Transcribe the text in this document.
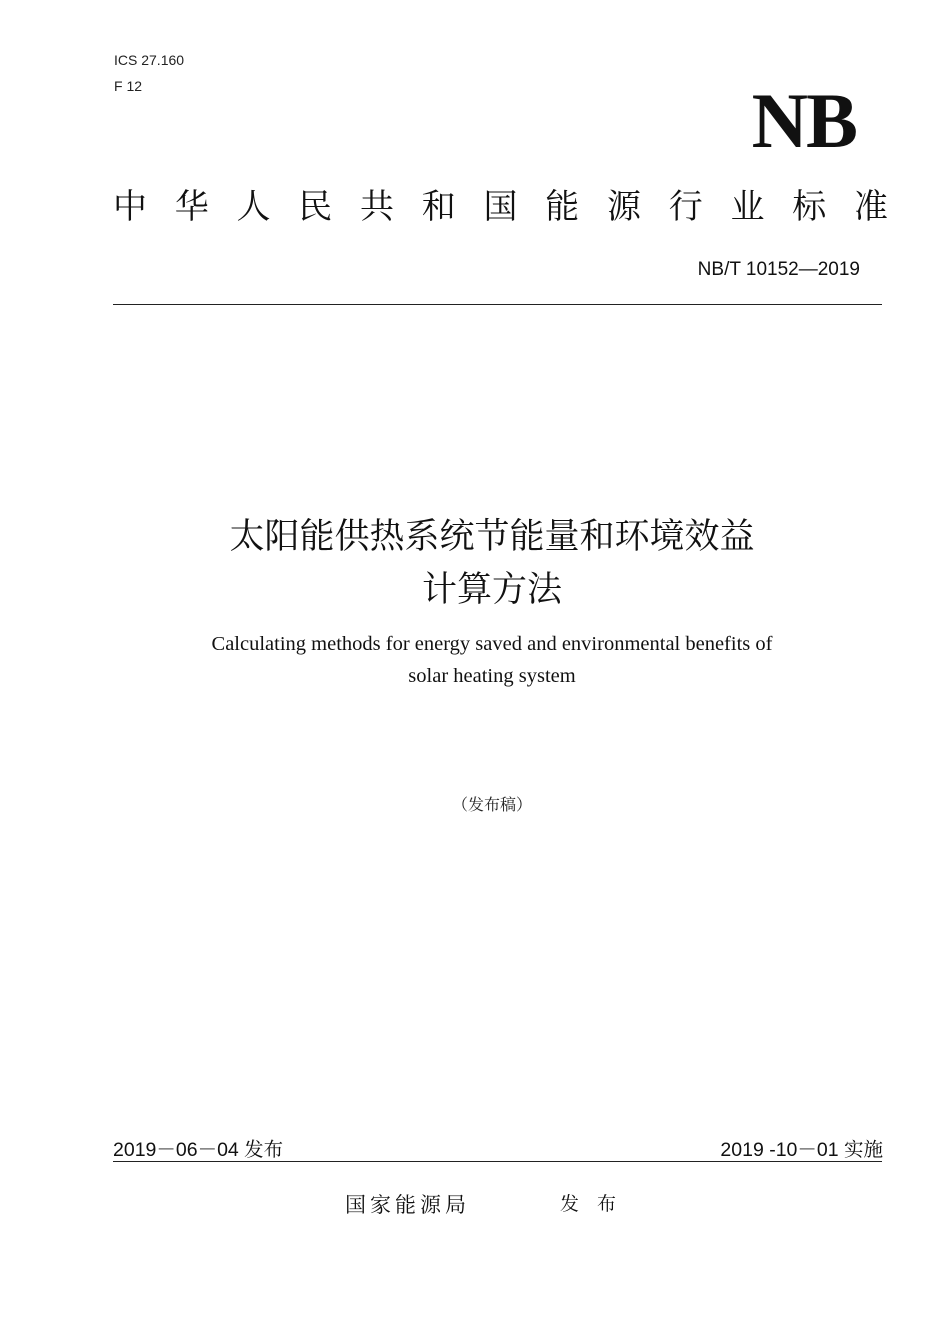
ICS 27.160
F 12	NB
中 华 人 民 共 和 国 能 源 行 业 标 准
NB/T 10152—2019
太阳能供热系统节能量和环境效益
计算方法
Calculating methods for energy saved and environmental benefits of
solar heating system
（发布稿）
2019－06－04 发布	2019 -10－01 实施
国家能源局	发布
